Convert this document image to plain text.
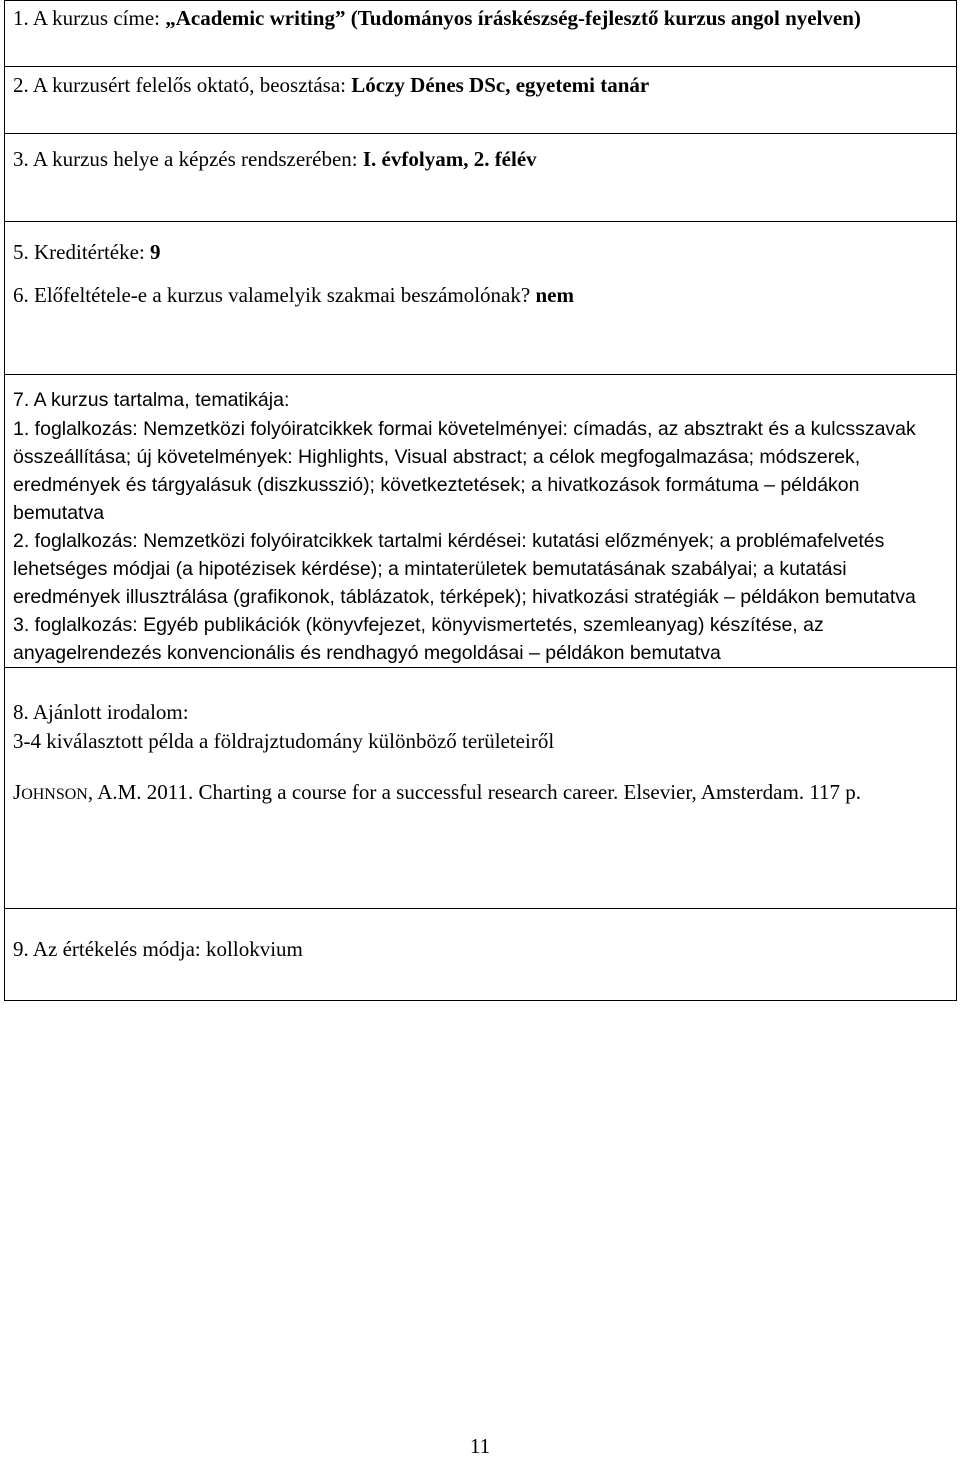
1. A kurzus címe: „Academic writing” (Tudományos íráskészség-fejlesztő kurzus angol nyelven)
2. A kurzusért felelős oktató, beosztása: Lóczy Dénes DSc, egyetemi tanár
3. A kurzus helye a képzés rendszerében: I. évfolyam, 2. félév

5. Kreditértéke: 9
6. Előfeltétele-e a kurzus valamelyik szakmai beszámolónak? nem

7. A kurzus tartalma, tematikája:

1. foglalkozás: Nemzetközi folyóiratcikkek formai követelményei: címadás, az absztrakt és a kulcsszavak összeállítása; új követelmények: Highlights, Visual abstract; a célok megfogalmazása; módszerek, eredmények és tárgyalásuk (diszkusszió); következtetések; a hivatkozások formátuma – példákon bemutatva

2. foglalkozás: Nemzetközi folyóiratcikkek tartalmi kérdései: kutatási előzmények; a problémafelvetés lehetséges módjai (a hipotézisek kérdése); a mintaterületek bemutatásának szabályai; a kutatási eredmények illusztrálása (grafikonok, táblázatok, térképek); hivatkozási stratégiák – példákon bemutatva

3. foglalkozás: Egyéb publikációk (könyvfejezet, könyvismertetés, szemleanyag) készítése, az anyagelrendezés konvencionális és rendhagyó megoldásai – példákon bemutatva

8. Ajánlott irodalom:
3-4 kiválasztott példa a földrajztudomány különböző területeiről
JOHNSON, A.M. 2011. Charting a course for a successful research career. Elsevier, Amsterdam. 117 p.

9. Az értékelés módja: kollokvium
11
